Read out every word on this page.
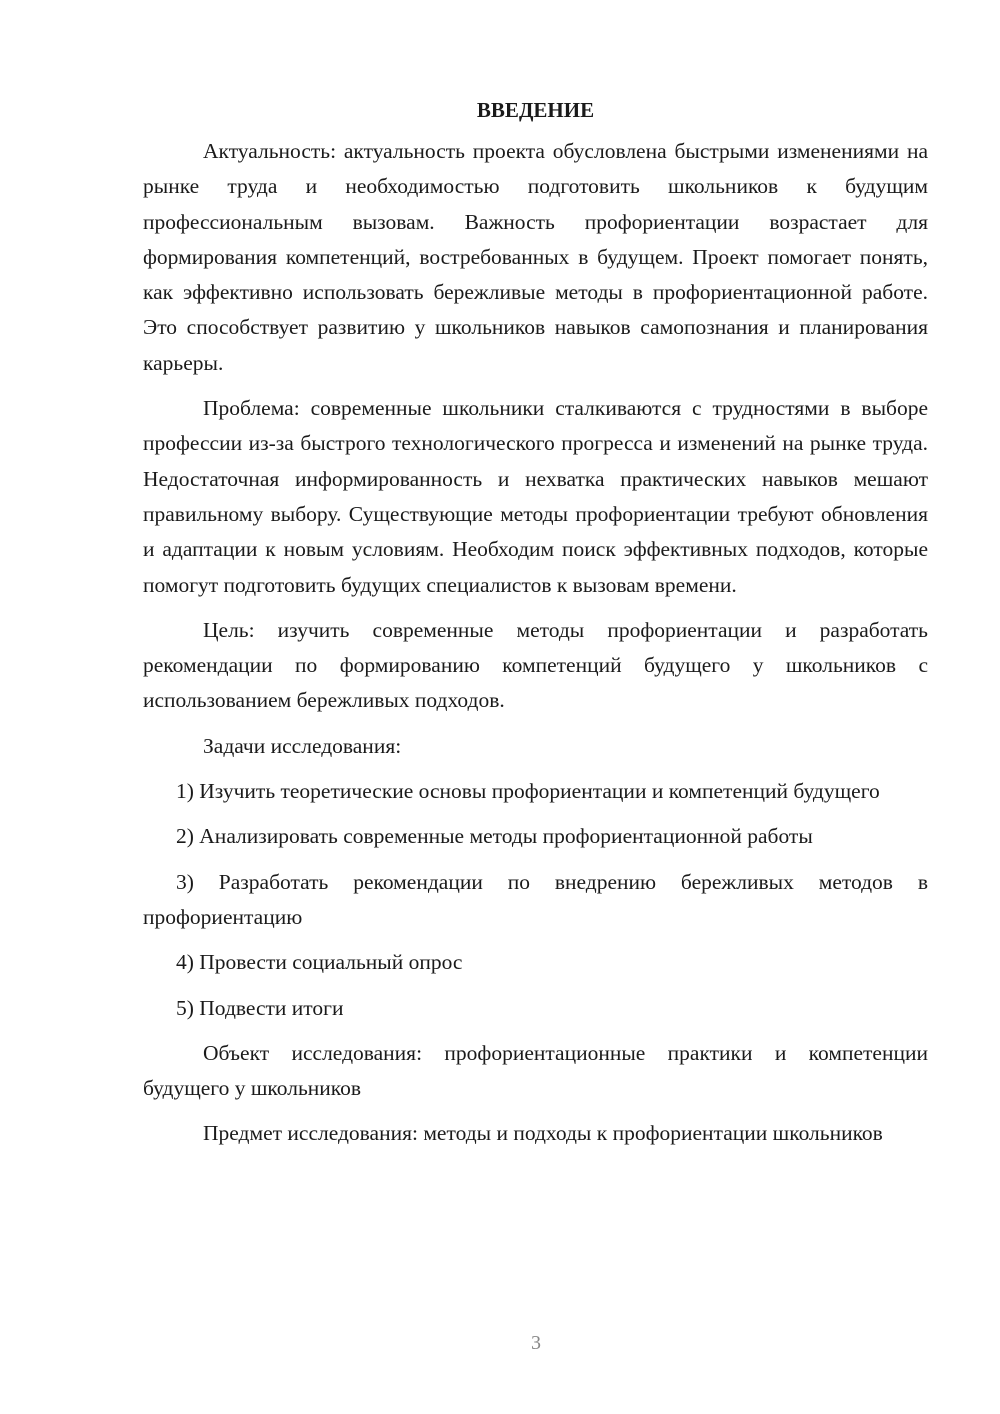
ВВЕДЕНИЕ

Актуальность: актуальность проекта обусловлена быстрыми изменениями на рынке труда и необходимостью подготовить школьников к будущим профессиональным вызовам. Важность профориентации возрастает для формирования компетенций, востребованных в будущем. Проект помогает понять, как эффективно использовать бережливые методы в профориентационной работе. Это способствует развитию у школьников навыков самопознания и планирования карьеры.

Проблема: современные школьники сталкиваются с трудностями в выборе профессии из-за быстрого технологического прогресса и изменений на рынке труда. Недостаточная информированность и нехватка практических навыков мешают правильному выбору. Существующие методы профориентации требуют обновления и адаптации к новым условиям. Необходим поиск эффективных подходов, которые помогут подготовить будущих специалистов к вызовам времени.

Цель: изучить современные методы профориентации и разработать рекомендации по формированию компетенций будущего у школьников с использованием бережливых подходов.

Задачи исследования:

1) Изучить теоретические основы профориентации и компетенций будущего

2) Анализировать современные методы профориентационной работы

3) Разработать рекомендации по внедрению бережливых методов в профориентацию

4) Провести социальный опрос

5) Подвести итоги

Объект исследования: профориентационные практики и компетенции будущего у школьников

Предмет исследования: методы и подходы к профориентации школьников

3
